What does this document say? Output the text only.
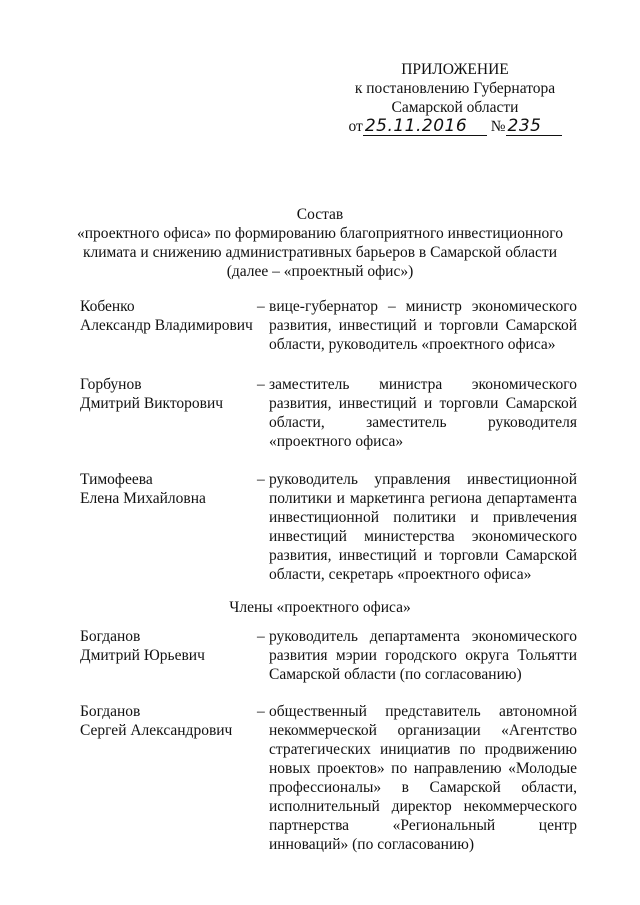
ПРИЛОЖЕНИЕ
к постановлению Губернатора
Самарской области
от 25.11.2016 № 235
Состав
«проектного офиса» по формированию благоприятного инвестиционного
климата и снижению административных барьеров в Самарской области
(далее – «проектный офис»)
Кобенко
Александр Владимирович
– вице-губернатор – министр экономического развития, инвестиций и торговли Самарской области, руководитель «проектного офиса»
Горбунов
Дмитрий Викторович
– заместитель министра экономического развития, инвестиций и торговли Самарской области, заместитель руководителя «проектного офиса»
Тимофеева
Елена Михайловна
– руководитель управления инвестиционной политики и маркетинга региона департамента инвестиционной политики и привлечения инвестиций министерства экономического развития, инвестиций и торговли Самарской области, секретарь «проектного офиса»
Члены «проектного офиса»
Богданов
Дмитрий Юрьевич
– руководитель департамента экономического развития мэрии городского округа Тольятти Самарской области (по согласованию)
Богданов
Сергей Александрович
– общественный представитель автономной некоммерческой организации «Агентство стратегических инициатив по продвижению новых проектов» по направлению «Молодые профессионалы» в Самарской области, исполнительный директор некоммерческого партнерства «Региональный центр инноваций» (по согласованию)
